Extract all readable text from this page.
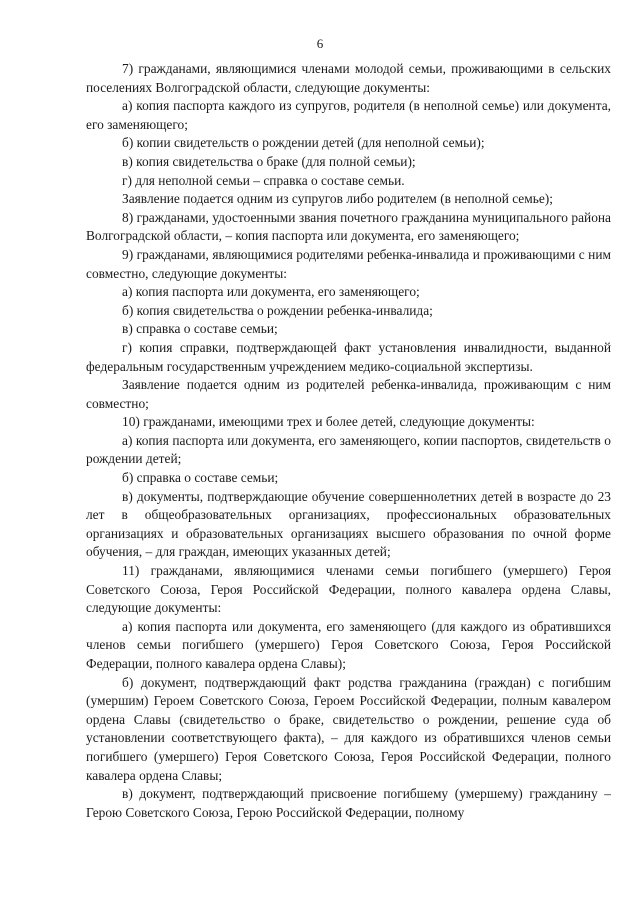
6

7) гражданами, являющимися членами молодой семьи, проживающими в сельских поселениях Волгоградской области, следующие документы:

а) копия паспорта каждого из супругов, родителя (в неполной семье) или документа, его заменяющего;

б) копии свидетельств о рождении детей (для неполной семьи);

в) копия свидетельства о браке (для полной семьи);

г) для неполной семьи – справка о составе семьи.

Заявление подается одним из супругов либо родителем (в неполной семье);

8) гражданами, удостоенными звания почетного гражданина муниципального района Волгоградской области, – копия паспорта или документа, его заменяющего;

9) гражданами, являющимися родителями ребенка-инвалида и проживающими с ним совместно, следующие документы:

а) копия паспорта или документа, его заменяющего;

б) копия свидетельства о рождении ребенка-инвалида;

в) справка о составе семьи;

г) копия справки, подтверждающей факт установления инвалидности, выданной федеральным государственным учреждением медико-социальной экспертизы.

Заявление подается одним из родителей ребенка-инвалида, проживающим с ним совместно;

10) гражданами, имеющими трех и более детей, следующие документы:

а) копия паспорта или документа, его заменяющего, копии паспортов, свидетельств о рождении детей;

б) справка о составе семьи;

в) документы, подтверждающие обучение совершеннолетних детей в возрасте до 23 лет в общеобразовательных организациях, профессиональных образовательных организациях и образовательных организациях высшего образования по очной форме обучения, – для граждан, имеющих указанных детей;

11) гражданами, являющимися членами семьи погибшего (умершего) Героя Советского Союза, Героя Российской Федерации, полного кавалера ордена Славы, следующие документы:

а) копия паспорта или документа, его заменяющего (для каждого из обратившихся членов семьи погибшего (умершего) Героя Советского Союза, Героя Российской Федерации, полного кавалера ордена Славы);

б) документ, подтверждающий факт родства гражданина (граждан) с погибшим (умершим) Героем Советского Союза, Героем Российской Федерации, полным кавалером ордена Славы (свидетельство о браке, свидетельство о рождении, решение суда об установлении соответствующего факта), – для каждого из обратившихся членов семьи погибшего (умершего) Героя Советского Союза, Героя Российской Федерации, полного кавалера ордена Славы;

в) документ, подтверждающий присвоение погибшему (умершему) гражданину – Герою Советского Союза, Герою Российской Федерации, полному
